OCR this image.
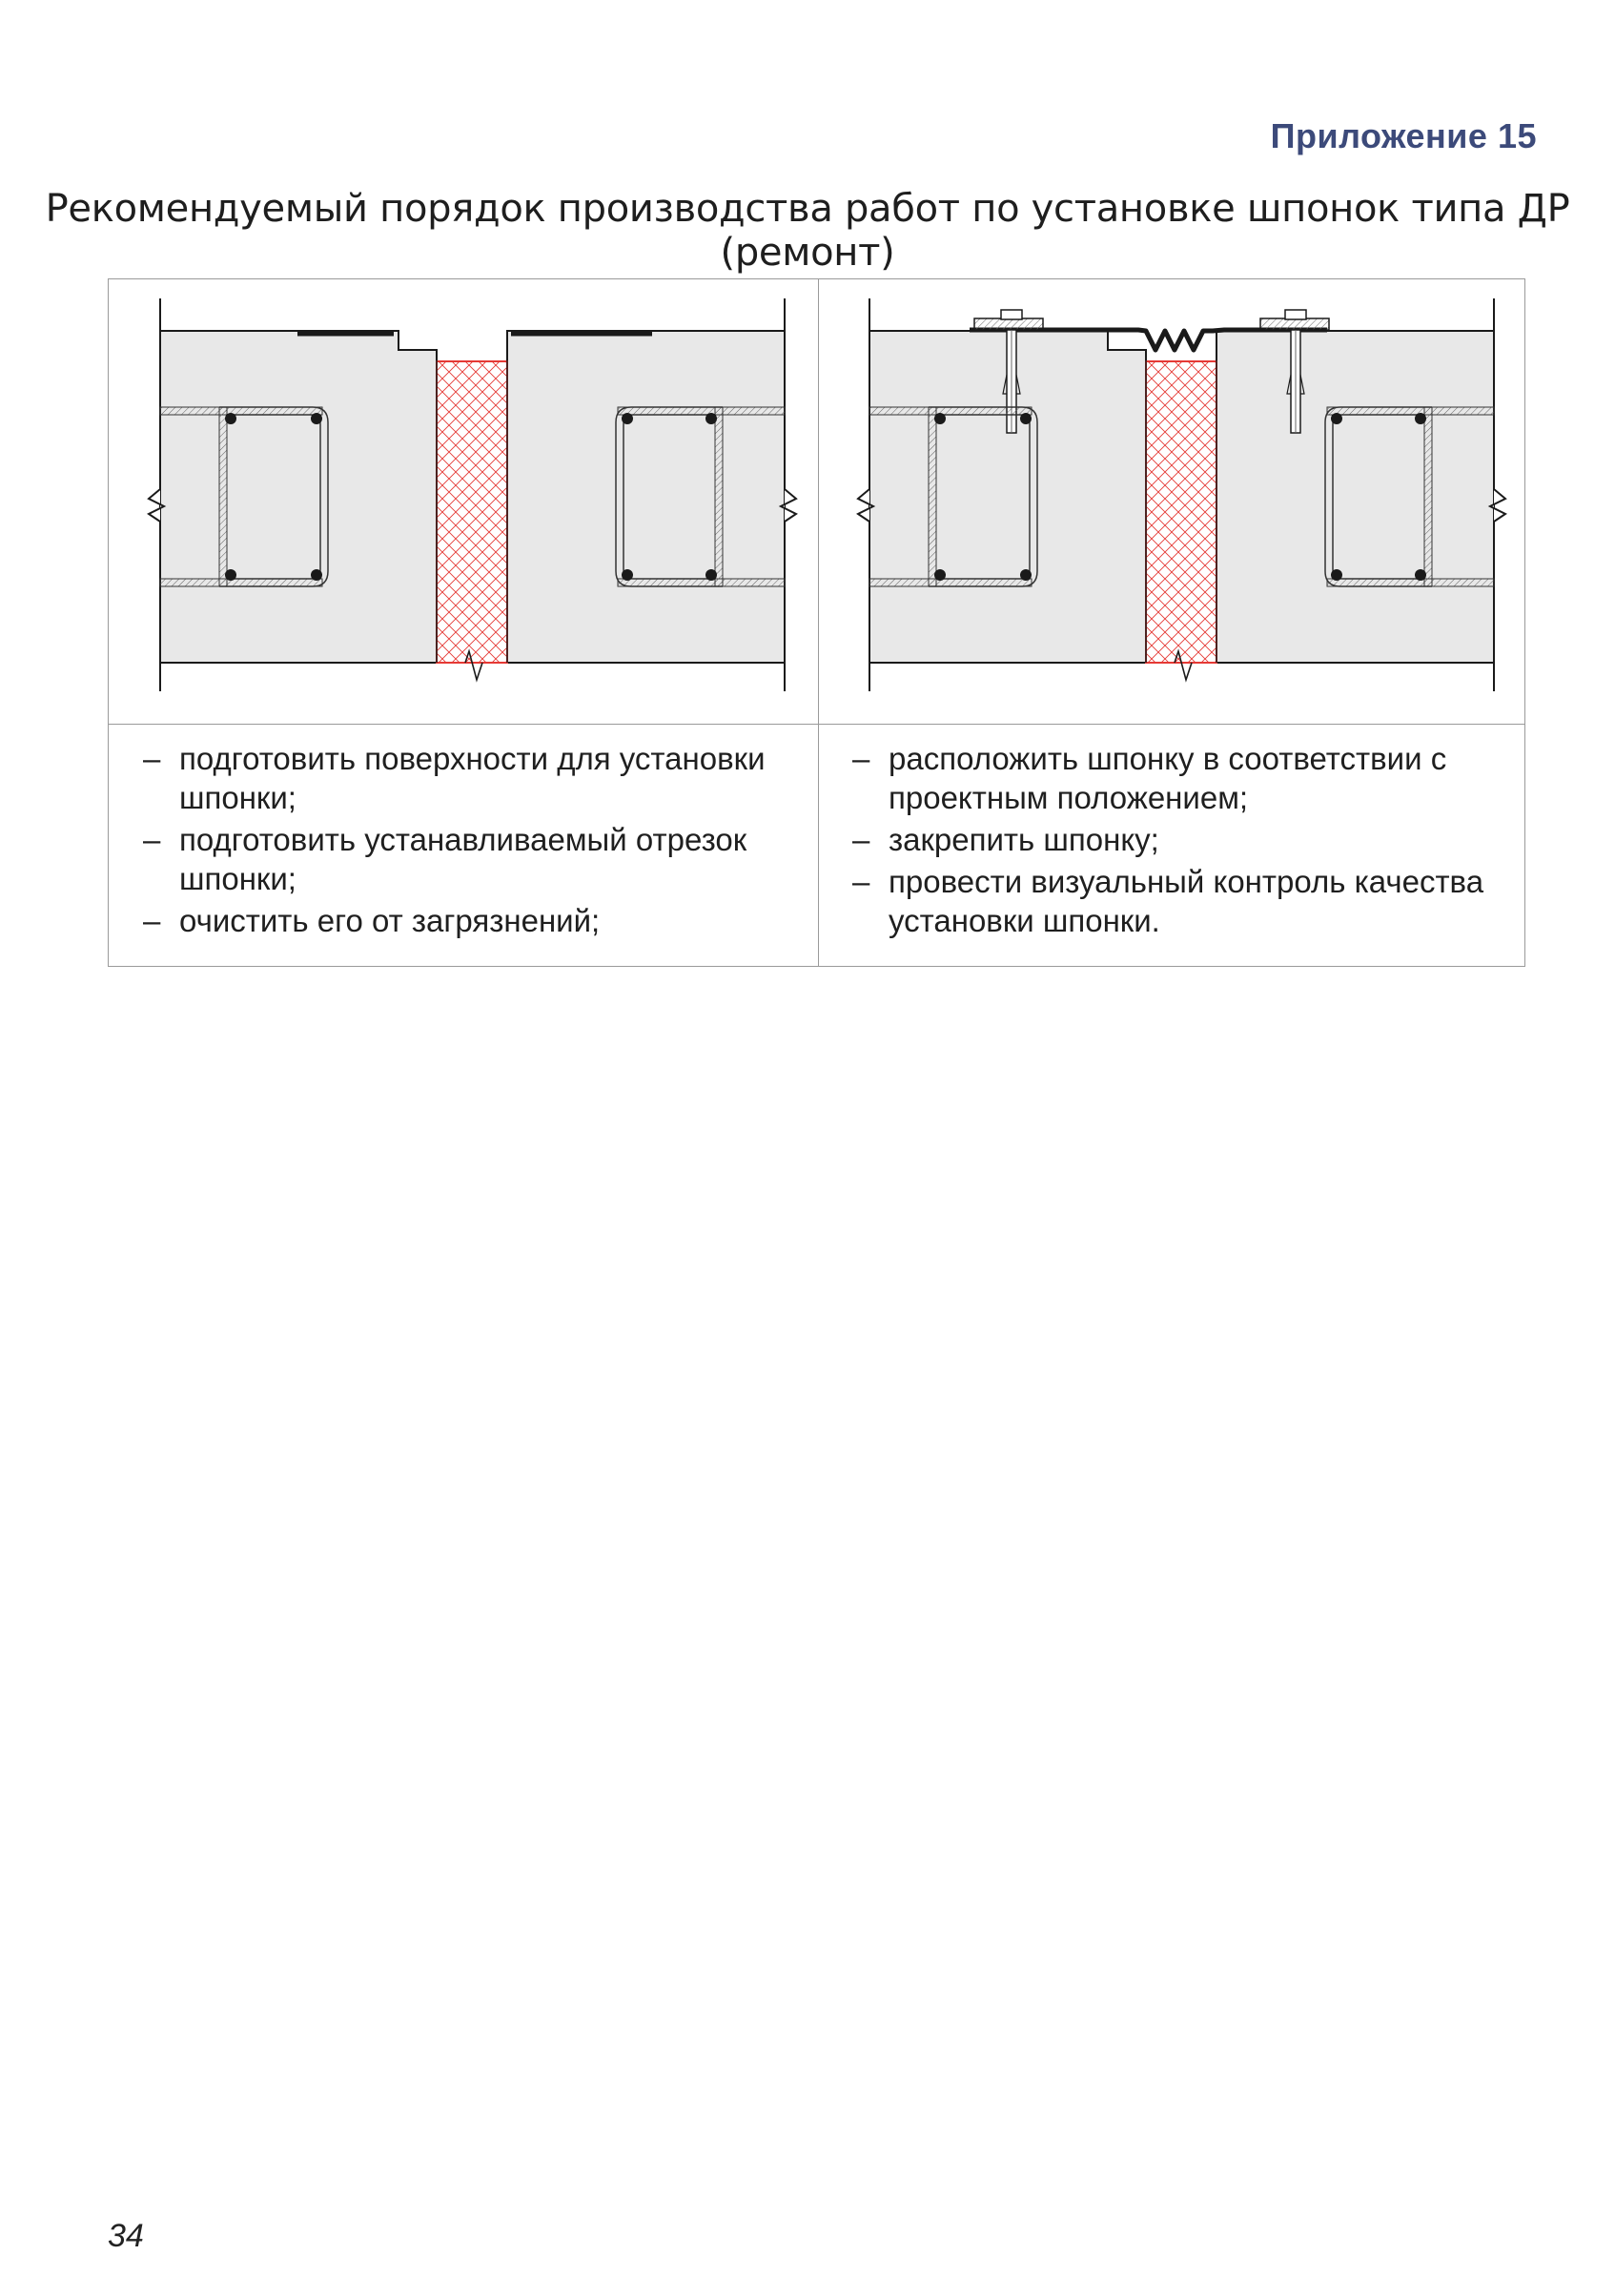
Приложение 15
Рекомендуемый порядок производства работ по установке шпонок типа ДР (ремонт)
– подготовить поверхности для установки шпонки;
– подготовить устанавливаемый отрезок шпонки;
– очистить его от загрязнений;
– расположить шпонку в соответствии с проектным положением;
– закрепить шпонку;
– провести визуальный контроль качества установки шпонки.
34
